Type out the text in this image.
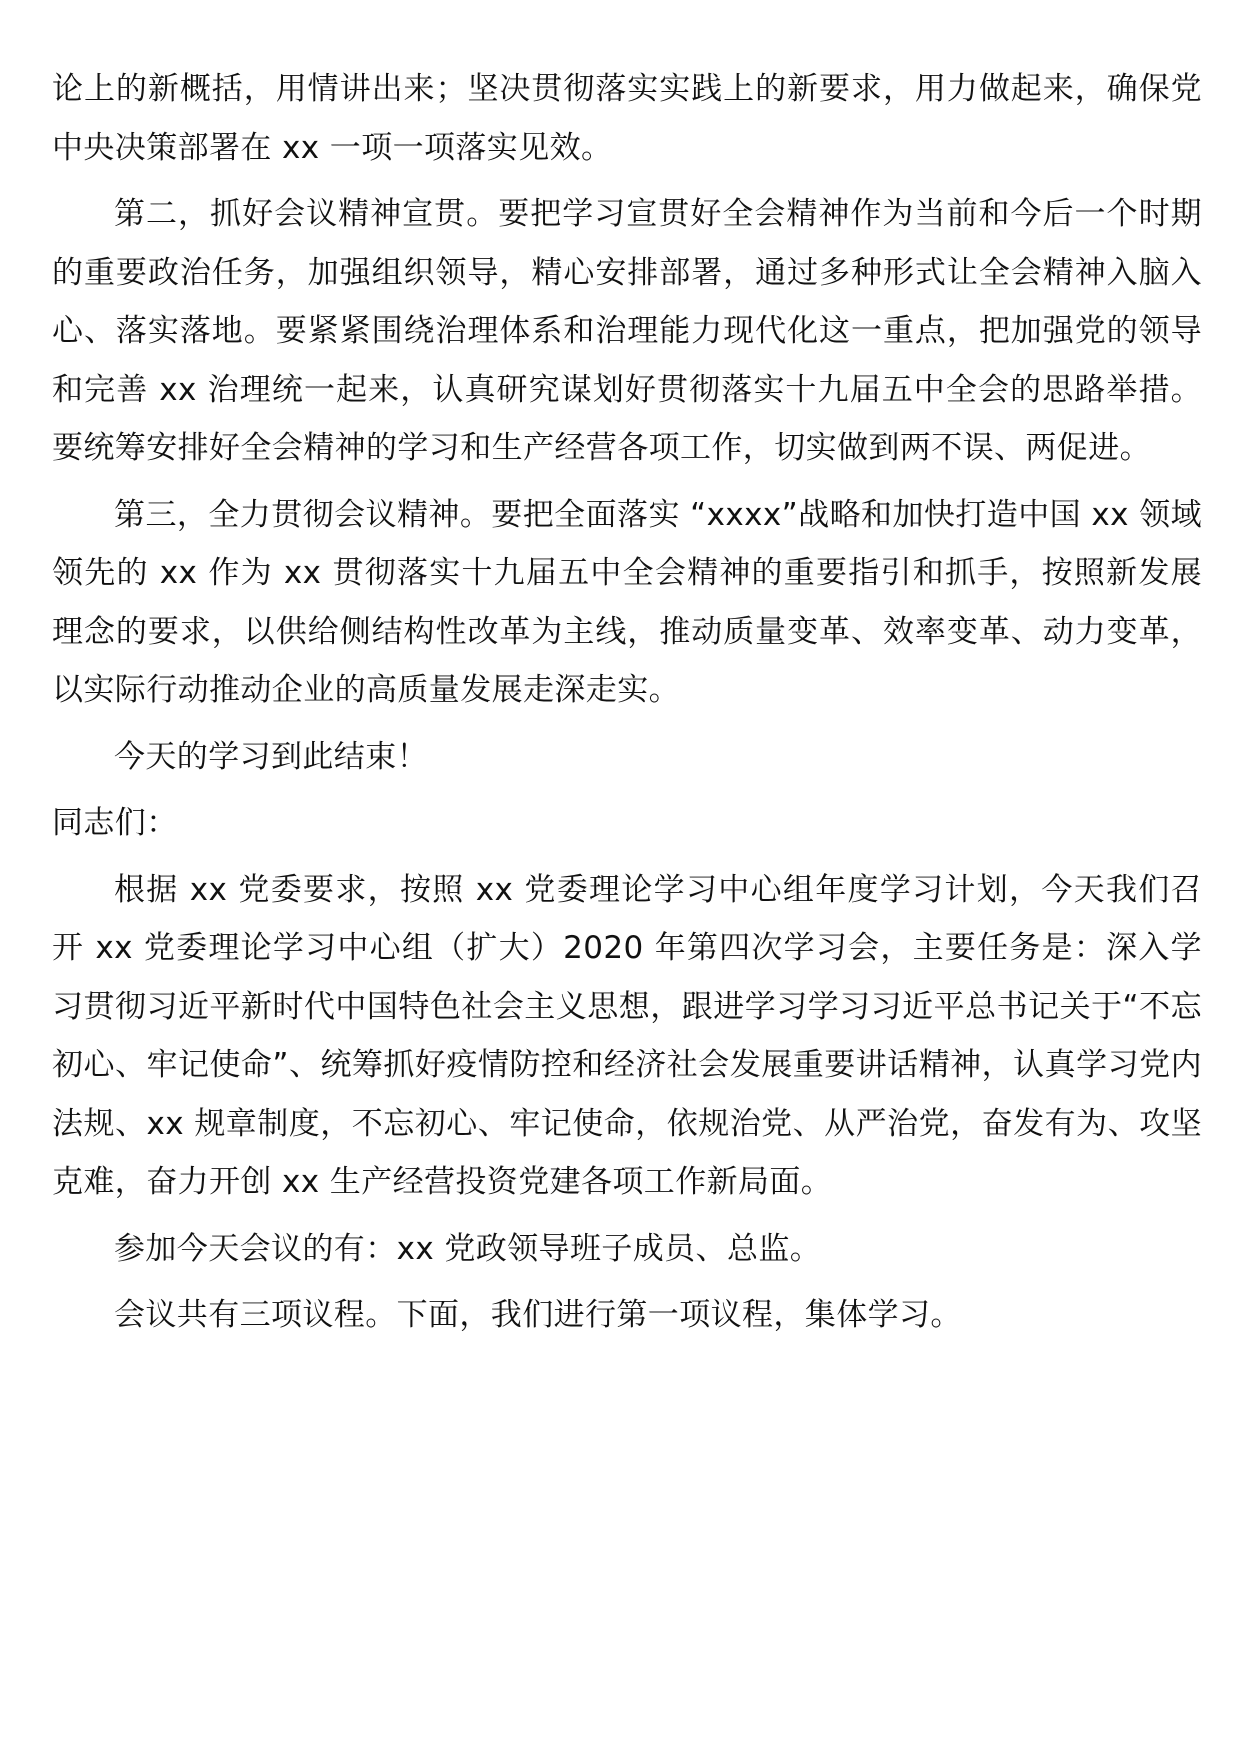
论上的新概括，用情讲出来；坚决贯彻落实实践上的新要求，用力做起来，确保党中央决策部署在 xx 一项一项落实见效。

第二，抓好会议精神宣贯。要把学习宣贯好全会精神作为当前和今后一个时期的重要政治任务，加强组织领导，精心安排部署，通过多种形式让全会精神入脑入心、落实落地。要紧紧围绕治理体系和治理能力现代化这一重点，把加强党的领导和完善 xx 治理统一起来，认真研究谋划好贯彻落实十九届五中全会的思路举措。要统筹安排好全会精神的学习和生产经营各项工作，切实做到两不误、两促进。

第三，全力贯彻会议精神。要把全面落实 “xxxx”战略和加快打造中国 xx 领域领先的 xx 作为 xx 贯彻落实十九届五中全会精神的重要指引和抓手，按照新发展理念的要求，以供给侧结构性改革为主线，推动质量变革、效率变革、动力变革，以实际行动推动企业的高质量发展走深走实。

今天的学习到此结束！

同志们：

根据 xx 党委要求，按照 xx 党委理论学习中心组年度学习计划，今天我们召开 xx 党委理论学习中心组（扩大）2020 年第四次学习会，主要任务是：深入学习贯彻习近平新时代中国特色社会主义思想，跟进学习学习习近平总书记关于“不忘初心、牢记使命”、统筹抓好疫情防控和经济社会发展重要讲话精神，认真学习党内法规、xx 规章制度，不忘初心、牢记使命，依规治党、从严治党，奋发有为、攻坚克难，奋力开创 xx 生产经营投资党建各项工作新局面。

参加今天会议的有：xx 党政领导班子成员、总监。

会议共有三项议程。下面，我们进行第一项议程，集体学习。
